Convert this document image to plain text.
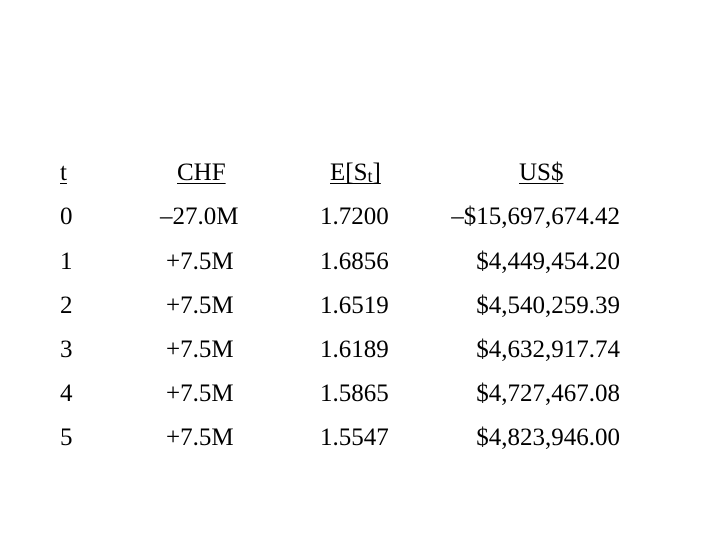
t	CHF	$E[S_t]$	US$
0	–27.0M	1.7200	–$15,697,674.42
1	+7.5M	1.6856	$4,449,454.20
2	+7.5M	1.6519	$4,540,259.39
3	+7.5M	1.6189	$4,632,917.74
4	+7.5M	1.5865	$4,727,467.08
5	+7.5M	1.5547	$4,823,946.00
